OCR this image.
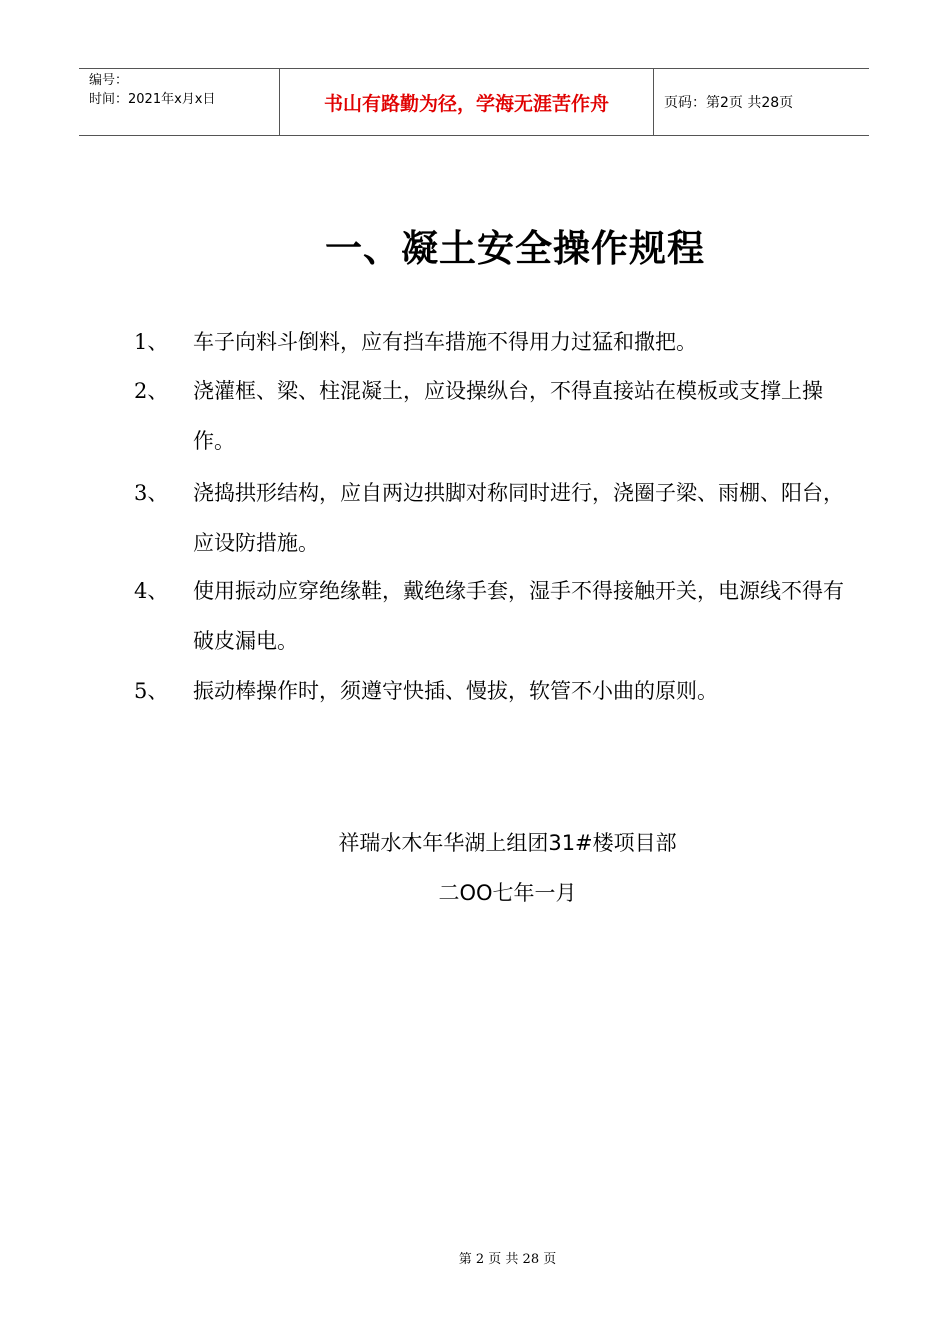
编号：
时间：2021年x月x日	书山有路勤为径，学海无涯苦作舟	页码：第2页 共28页
一、凝土安全操作规程
1、 车子向料斗倒料，应有挡车措施不得用力过猛和撒把。
2、 浇灌框、梁、柱混凝土，应设操纵台，不得直接站在模板或支撑上操作。
3、 浇捣拱形结构，应自两边拱脚对称同时进行，浇圈子梁、雨棚、阳台，应设防措施。
4、 使用振动应穿绝缘鞋，戴绝缘手套，湿手不得接触开关，电源线不得有破皮漏电。
5、 振动棒操作时，须遵守快插、慢拔，软管不小曲的原则。
祥瑞水木年华湖上组团31#楼项目部
二OO七年一月
第 2 页 共 28 页
